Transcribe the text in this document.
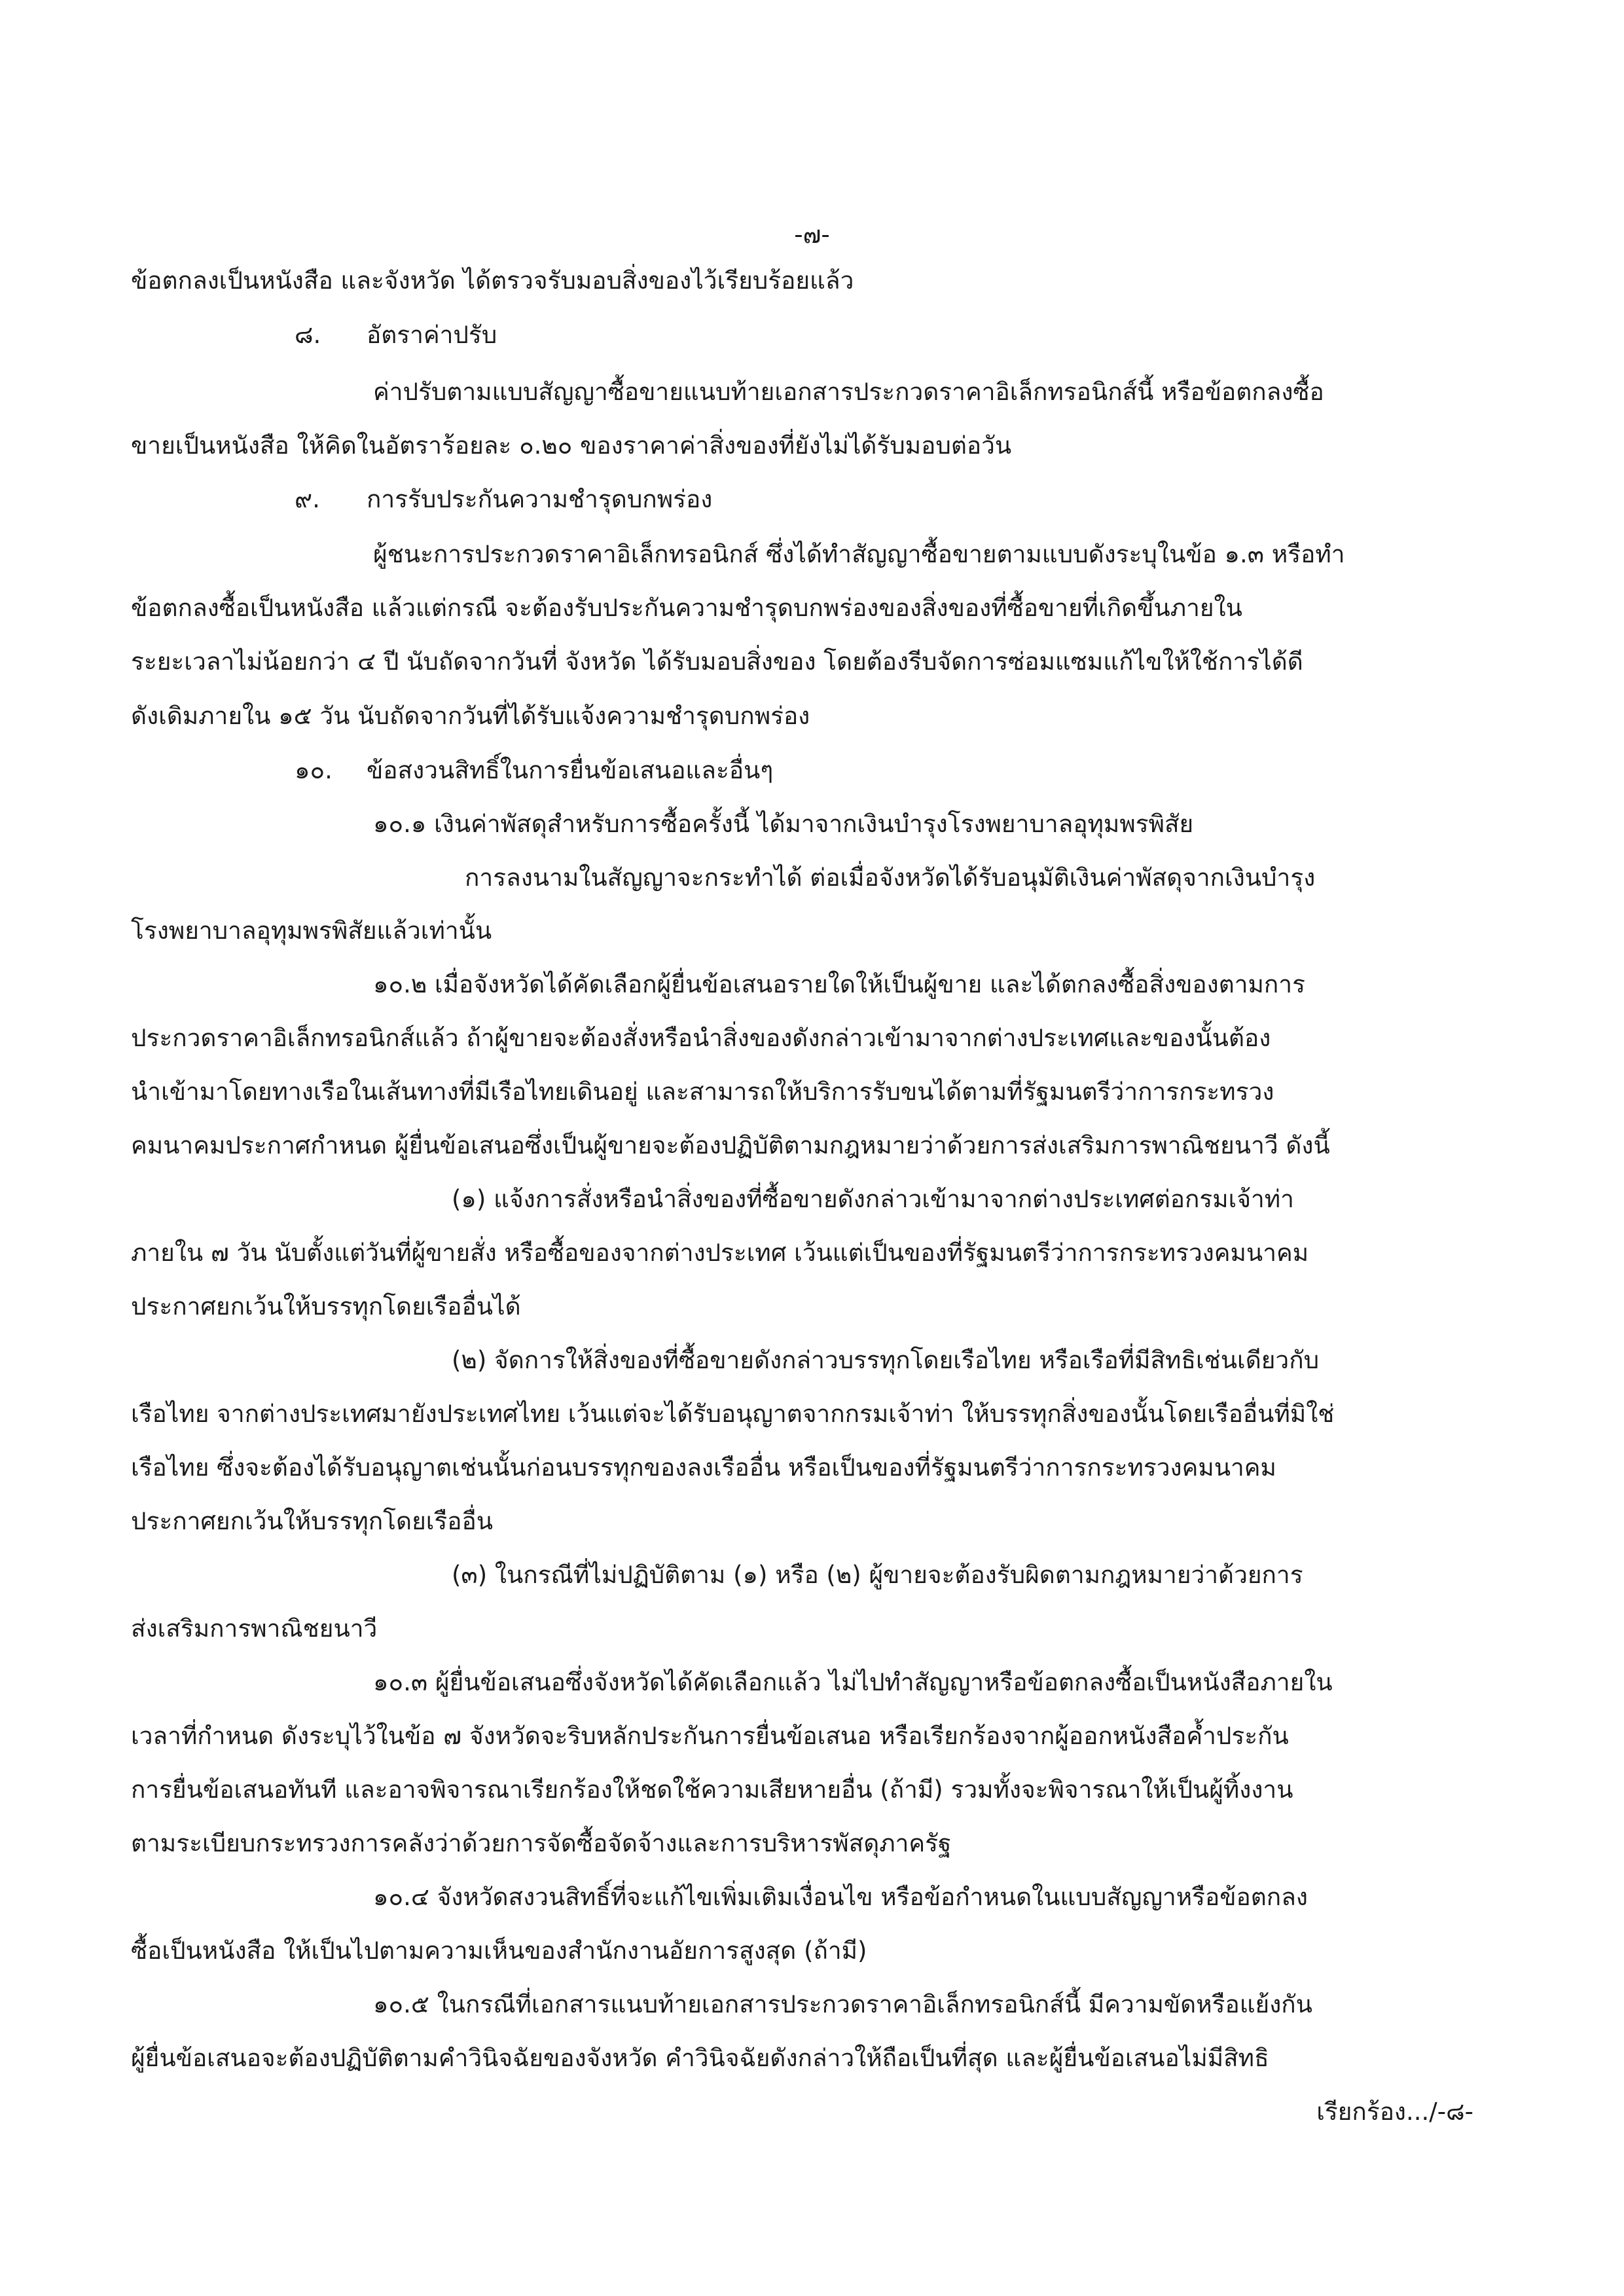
-๗-
ข้อตกลงเป็นหนังสือ และจังหวัด ได้ตรวจรับมอบสิ่งของไว้เรียบร้อยแล้ว
๘. อัตราค่าปรับ
ค่าปรับตามแบบสัญญาซื้อขายแนบท้ายเอกสารประกวดราคาอิเล็กทรอนิกส์นี้ หรือข้อตกลงซื้อ
ขายเป็นหนังสือ ให้คิดในอัตราร้อยละ ๐.๒๐ ของราคาค่าสิ่งของที่ยังไม่ได้รับมอบต่อวัน
๙. การรับประกันความชำรุดบกพร่อง
ผู้ชนะการประกวดราคาอิเล็กทรอนิกส์ ซึ่งได้ทำสัญญาซื้อขายตามแบบดังระบุในข้อ ๑.๓ หรือทำ
ข้อตกลงซื้อเป็นหนังสือ แล้วแต่กรณี จะต้องรับประกันความชำรุดบกพร่องของสิ่งของที่ซื้อขายที่เกิดขึ้นภายใน
ระยะเวลาไม่น้อยกว่า ๔ ปี นับถัดจากวันที่ จังหวัด ได้รับมอบสิ่งของ โดยต้องรีบจัดการซ่อมแซมแก้ไขให้ใช้การได้ดี
ดังเดิมภายใน ๑๕ วัน นับถัดจากวันที่ได้รับแจ้งความชำรุดบกพร่อง
๑๐. ข้อสงวนสิทธิ์ในการยื่นข้อเสนอและอื่นๆ
๑๐.๑ เงินค่าพัสดุสำหรับการซื้อครั้งนี้ ได้มาจากเงินบำรุงโรงพยาบาลอุทุมพรพิสัย
การลงนามในสัญญาจะกระทำได้ ต่อเมื่อจังหวัดได้รับอนุมัติเงินค่าพัสดุจากเงินบำรุง
โรงพยาบาลอุทุมพรพิสัยแล้วเท่านั้น
๑๐.๒ เมื่อจังหวัดได้คัดเลือกผู้ยื่นข้อเสนอรายใดให้เป็นผู้ขาย และได้ตกลงซื้อสิ่งของตามการ
ประกวดราคาอิเล็กทรอนิกส์แล้ว ถ้าผู้ขายจะต้องสั่งหรือนำสิ่งของดังกล่าวเข้ามาจากต่างประเทศและของนั้นต้อง
นำเข้ามาโดยทางเรือในเส้นทางที่มีเรือไทยเดินอยู่ และสามารถให้บริการรับขนได้ตามที่รัฐมนตรีว่าการกระทรวง
คมนาคมประกาศกำหนด ผู้ยื่นข้อเสนอซึ่งเป็นผู้ขายจะต้องปฏิบัติตามกฎหมายว่าด้วยการส่งเสริมการพาณิชยนาวี ดังนี้
(๑) แจ้งการสั่งหรือนำสิ่งของที่ซื้อขายดังกล่าวเข้ามาจากต่างประเทศต่อกรมเจ้าท่า
ภายใน ๗ วัน นับตั้งแต่วันที่ผู้ขายสั่ง หรือซื้อของจากต่างประเทศ เว้นแต่เป็นของที่รัฐมนตรีว่าการกระทรวงคมนาคม
ประกาศยกเว้นให้บรรทุกโดยเรืออื่นได้
(๒) จัดการให้สิ่งของที่ซื้อขายดังกล่าวบรรทุกโดยเรือไทย หรือเรือที่มีสิทธิเช่นเดียวกับ
เรือไทย จากต่างประเทศมายังประเทศไทย เว้นแต่จะได้รับอนุญาตจากกรมเจ้าท่า ให้บรรทุกสิ่งของนั้นโดยเรืออื่นที่มิใช่
เรือไทย ซึ่งจะต้องได้รับอนุญาตเช่นนั้นก่อนบรรทุกของลงเรืออื่น หรือเป็นของที่รัฐมนตรีว่าการกระทรวงคมนาคม
ประกาศยกเว้นให้บรรทุกโดยเรืออื่น
(๓) ในกรณีที่ไม่ปฏิบัติตาม (๑) หรือ (๒) ผู้ขายจะต้องรับผิดตามกฎหมายว่าด้วยการ
ส่งเสริมการพาณิชยนาวี
๑๐.๓ ผู้ยื่นข้อเสนอซึ่งจังหวัดได้คัดเลือกแล้ว ไม่ไปทำสัญญาหรือข้อตกลงซื้อเป็นหนังสือภายใน
เวลาที่กำหนด ดังระบุไว้ในข้อ ๗ จังหวัดจะริบหลักประกันการยื่นข้อเสนอ หรือเรียกร้องจากผู้ออกหนังสือค้ำประกัน
การยื่นข้อเสนอทันที และอาจพิจารณาเรียกร้องให้ชดใช้ความเสียหายอื่น (ถ้ามี) รวมทั้งจะพิจารณาให้เป็นผู้ทิ้งงาน
ตามระเบียบกระทรวงการคลังว่าด้วยการจัดซื้อจัดจ้างและการบริหารพัสดุภาครัฐ
๑๐.๔ จังหวัดสงวนสิทธิ์ที่จะแก้ไขเพิ่มเติมเงื่อนไข หรือข้อกำหนดในแบบสัญญาหรือข้อตกลง
ซื้อเป็นหนังสือ ให้เป็นไปตามความเห็นของสำนักงานอัยการสูงสุด (ถ้ามี)
๑๐.๕ ในกรณีที่เอกสารแนบท้ายเอกสารประกวดราคาอิเล็กทรอนิกส์นี้ มีความขัดหรือแย้งกัน
ผู้ยื่นข้อเสนอจะต้องปฏิบัติตามคำวินิจฉัยของจังหวัด คำวินิจฉัยดังกล่าวให้ถือเป็นที่สุด และผู้ยื่นข้อเสนอไม่มีสิทธิ
เรียกร้อง.../-๘-
